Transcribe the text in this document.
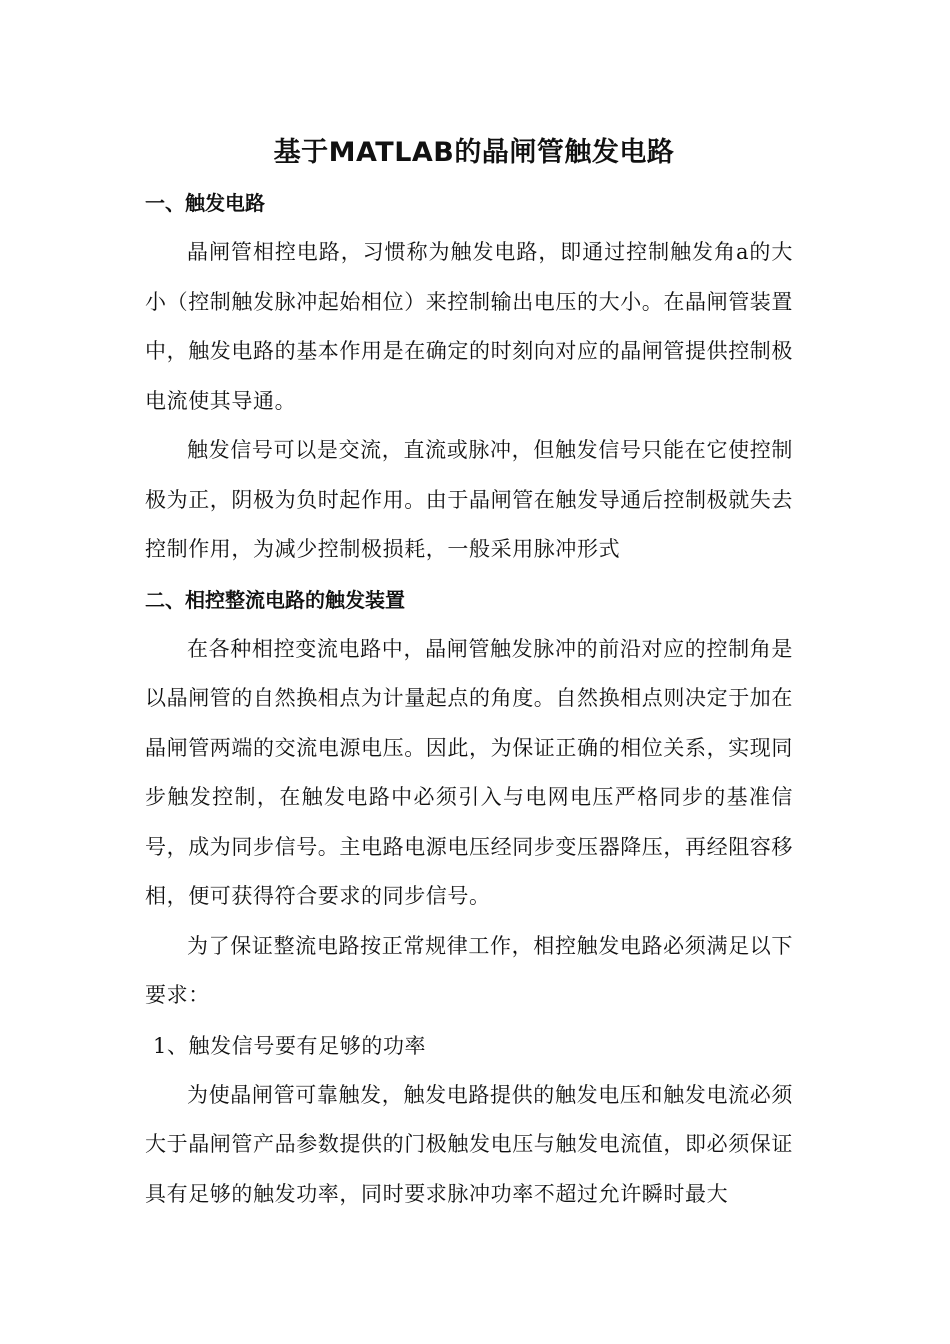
基于MATLAB的晶闸管触发电路
一、触发电路

晶闸管相控电路，习惯称为触发电路，即通过控制触发角a的大小（控制触发脉冲起始相位）来控制输出电压的大小。在晶闸管装置中，触发电路的基本作用是在确定的时刻向对应的晶闸管提供控制极电流使其导通。

触发信号可以是交流，直流或脉冲，但触发信号只能在它使控制极为正，阴极为负时起作用。由于晶闸管在触发导通后控制极就失去控制作用，为减少控制极损耗，一般采用脉冲形式

二、相控整流电路的触发装置

在各种相控变流电路中，晶闸管触发脉冲的前沿对应的控制角是以晶闸管的自然换相点为计量起点的角度。自然换相点则决定于加在晶闸管两端的交流电源电压。因此，为保证正确的相位关系，实现同步触发控制，在触发电路中必须引入与电网电压严格同步的基准信号，成为同步信号。主电路电源电压经同步变压器降压，再经阻容移相，便可获得符合要求的同步信号。

为了保证整流电路按正常规律工作，相控触发电路必须满足以下要求：

1、触发信号要有足够的功率

为使晶闸管可靠触发，触发电路提供的触发电压和触发电流必须大于晶闸管产品参数提供的门极触发电压与触发电流值，即必须保证具有足够的触发功率，同时要求脉冲功率不超过允许瞬时最大
